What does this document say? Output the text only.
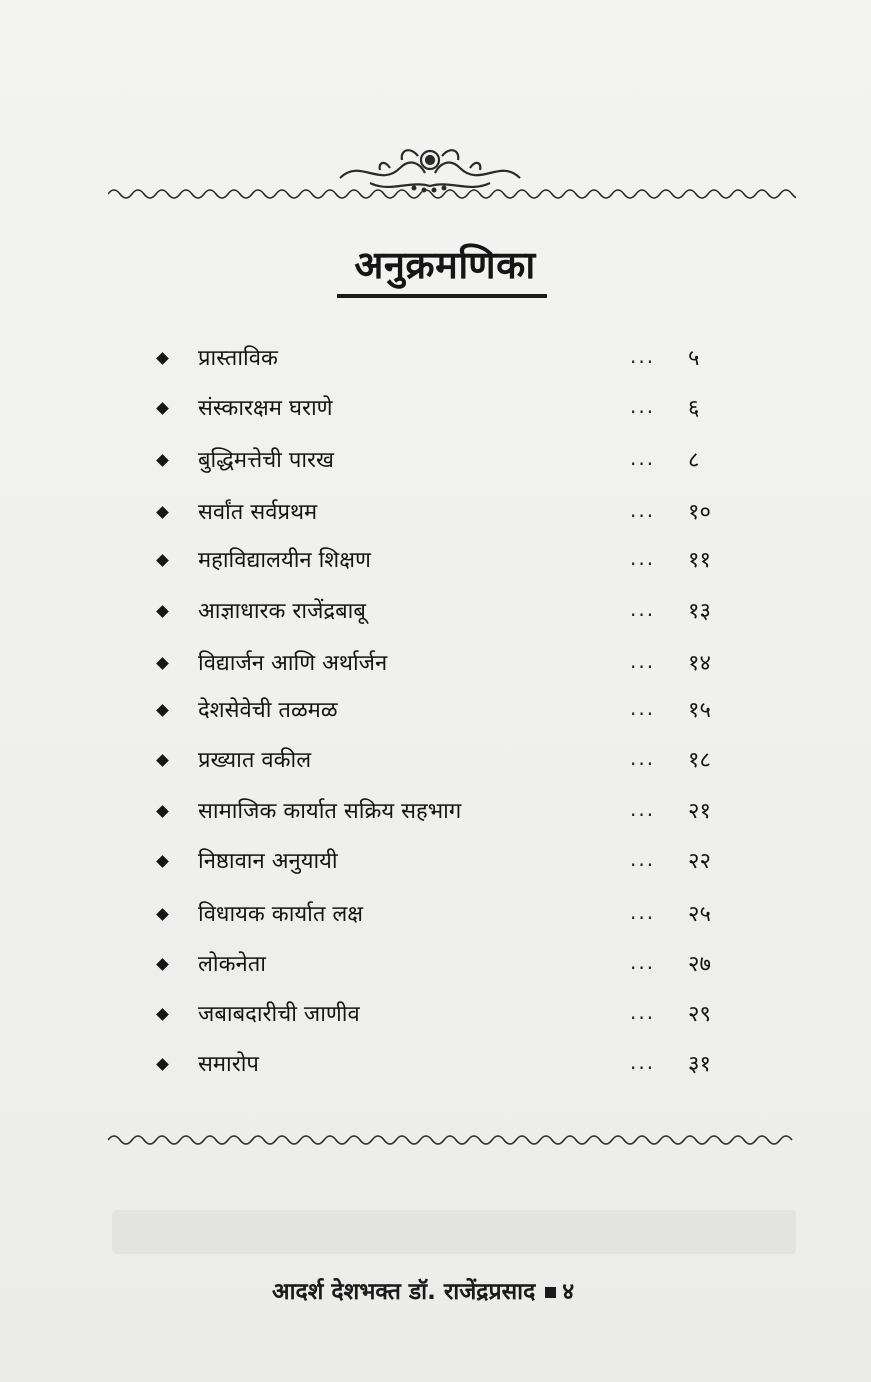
अनुक्रमणिका
प्रास्ताविक	... ५
संस्कारक्षम घराणे	... ६
बुद्धिमत्तेची पारख	... ८
सर्वांत सर्वप्रथम	... १०
महाविद्यालयीन शिक्षण	... ११
आज्ञाधारक राजेंद्रबाबू	... १३
विद्यार्जन आणि अर्थार्जन	... १४
देशसेवेची तळमळ	... १५
प्रख्यात वकील	... १८
सामाजिक कार्यात सक्रिय सहभाग	... २१
निष्ठावान अनुयायी	... २२
विधायक कार्यात लक्ष	... २५
लोकनेता	... २७
जबाबदारीची जाणीव	... २९
समारोप	... ३१
आदर्श देशभक्त डॉ. राजेंद्रप्रसाद ४
